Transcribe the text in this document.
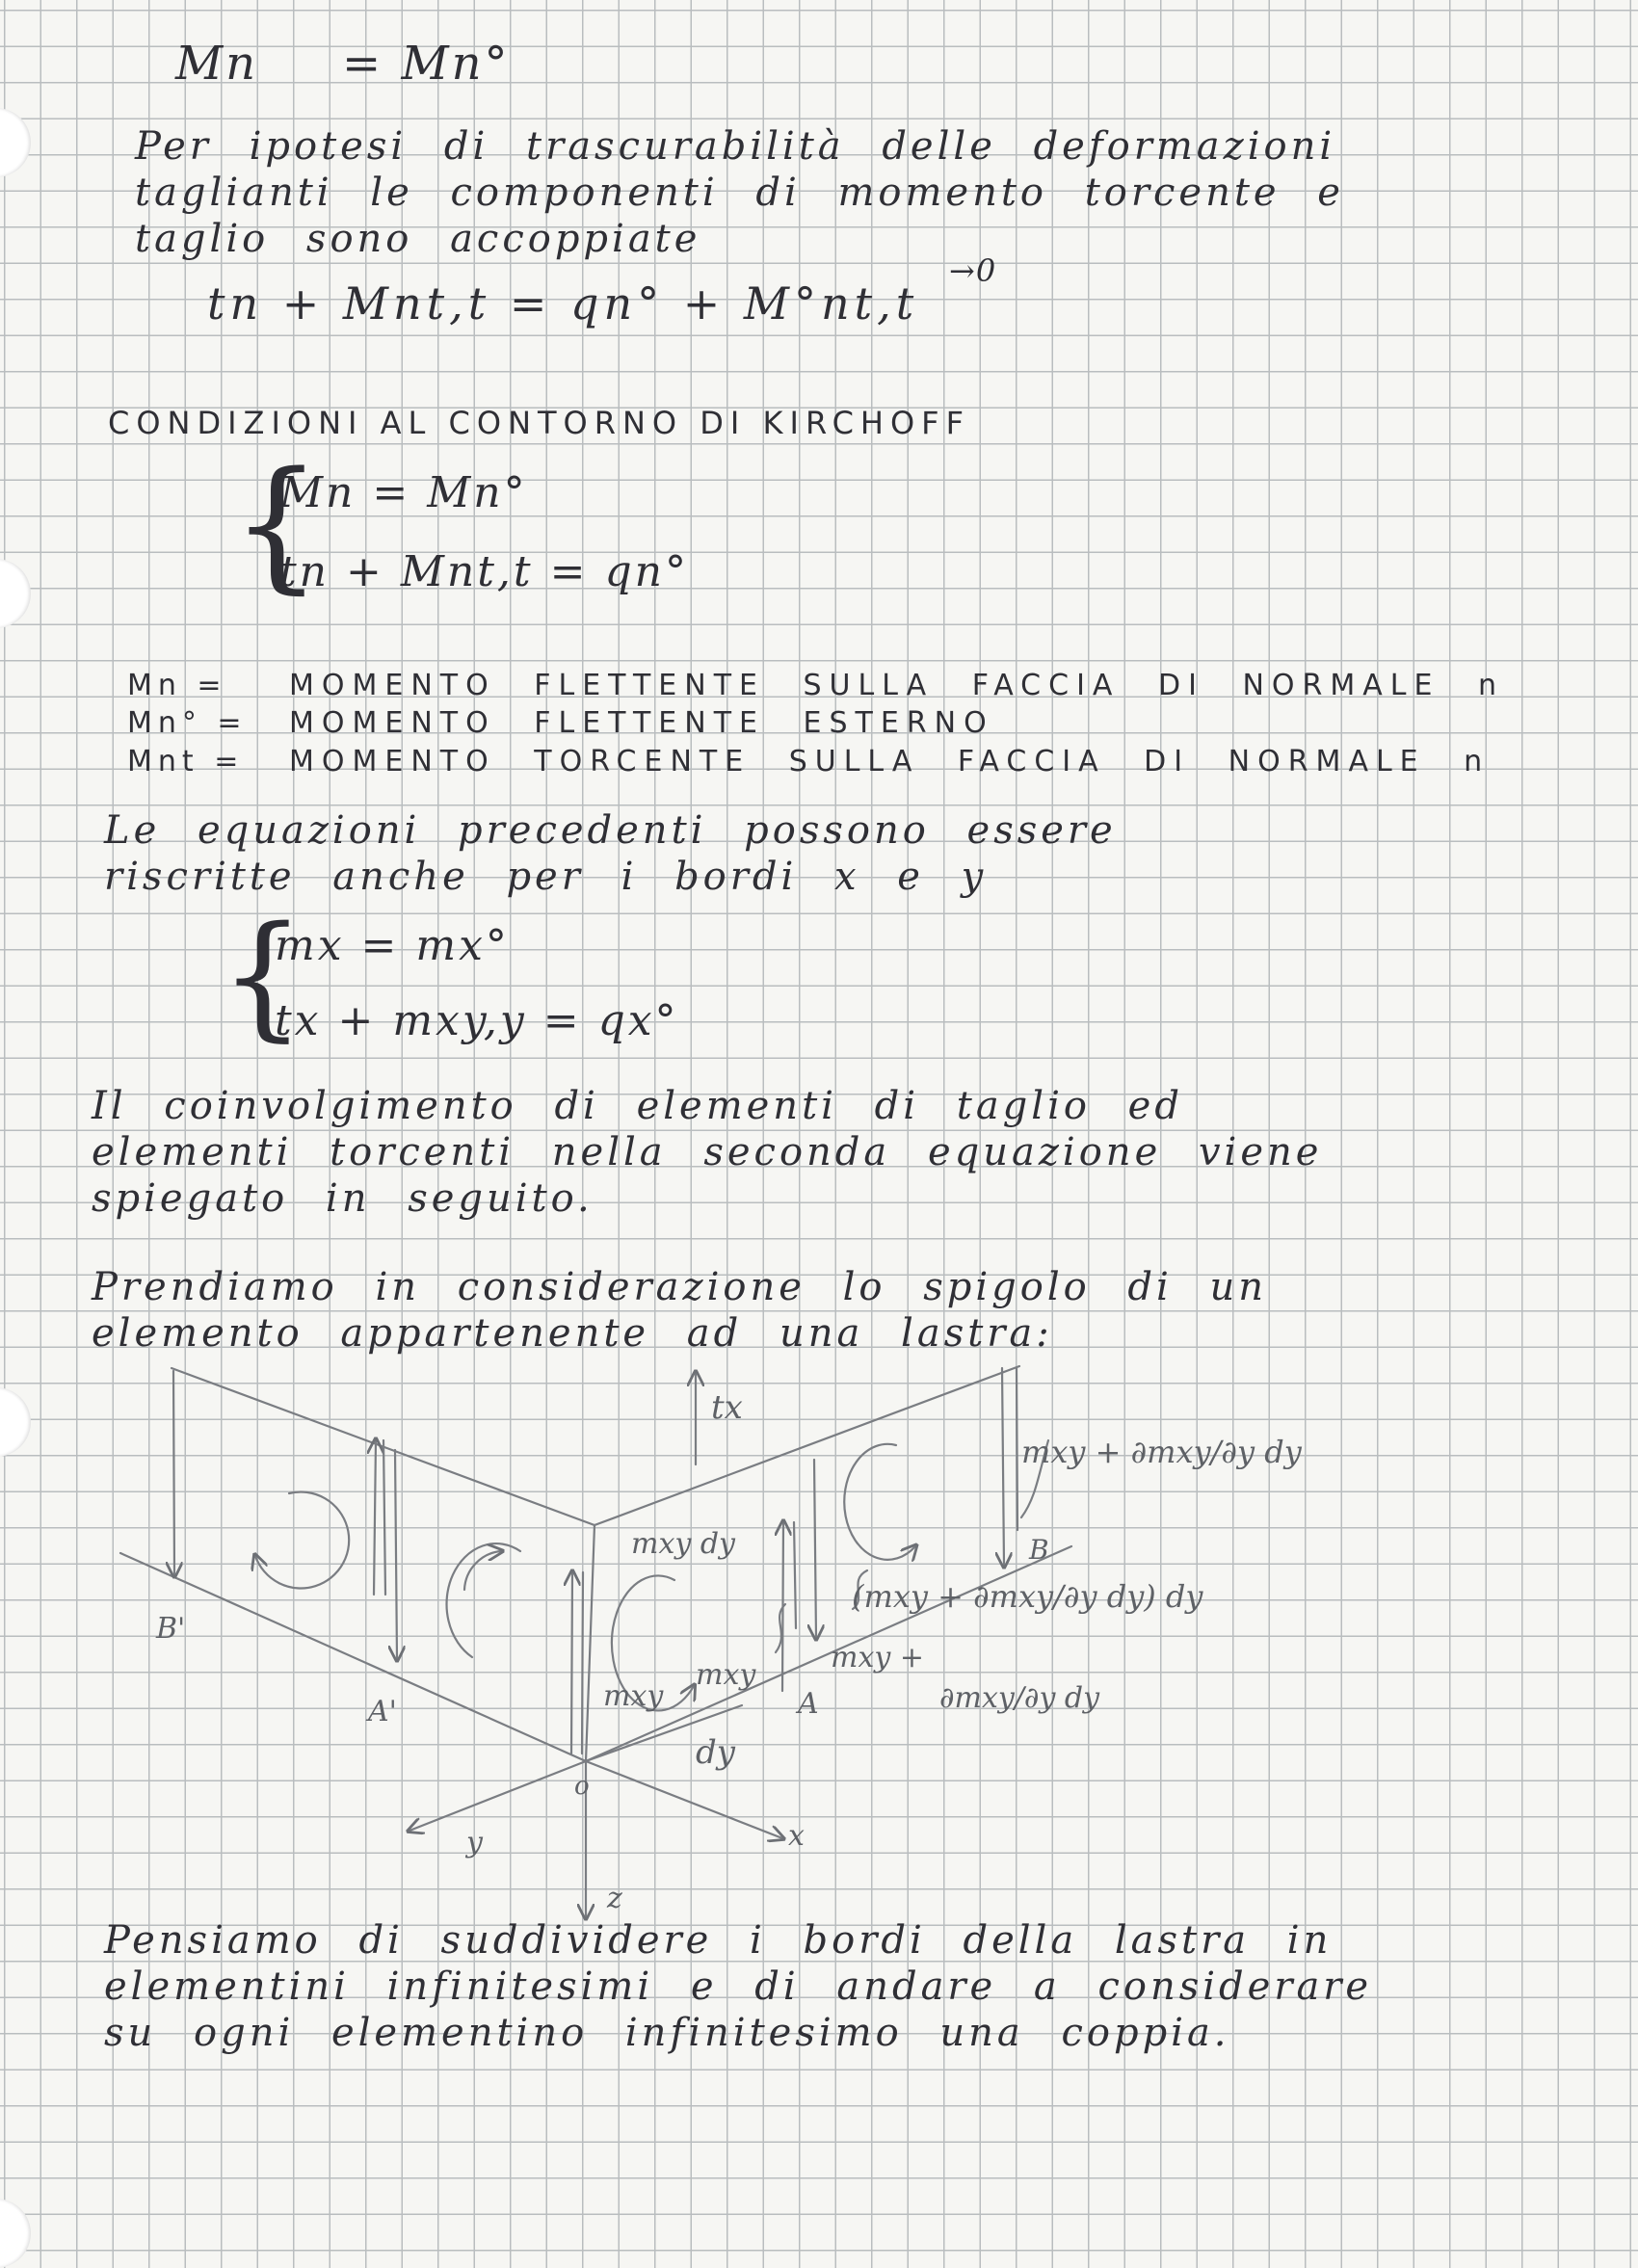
Mn = Mn°
Per ipotesi di trascurabilità delle deformazioni taglianti le componenti di momento torcente e taglio sono accoppiate
tn + Mnt,t = qn° + M°nt,t
→0
CONDIZIONI AL CONTORNO DI KIRCHOFF
{
Mn = Mn°
tn + Mnt,t = qn°
Mn = MOMENTO FLETTENTE SULLA FACCIA DI NORMALE n
Mn° = MOMENTO FLETTENTE ESTERNO
Mnt = MOMENTO TORCENTE SULLA FACCIA DI NORMALE n
Le equazioni precedenti possono essere riscritte anche per i bordi x e y
{
mx = mx°
tx + mxy,y = qx°
Il coinvolgimento di elementi di taglio ed elementi torcenti nella seconda equazione viene spiegato in seguito.
Prendiamo in considerazione lo spigolo di un elemento appartenente ad una lastra:
tx
mxy + ∂mxy/∂y dy
mxy dy	B
B'
A'	A
mxy
mxy
mxy +
(mxy + ∂mxy/∂y dy) dy
∂mxy/∂y dy
dy
o
x
y
z
Pensiamo di suddividere i bordi della lastra in elementini infinitesimi e di andare a considerare su ogni elementino infinitesimo una coppia.
